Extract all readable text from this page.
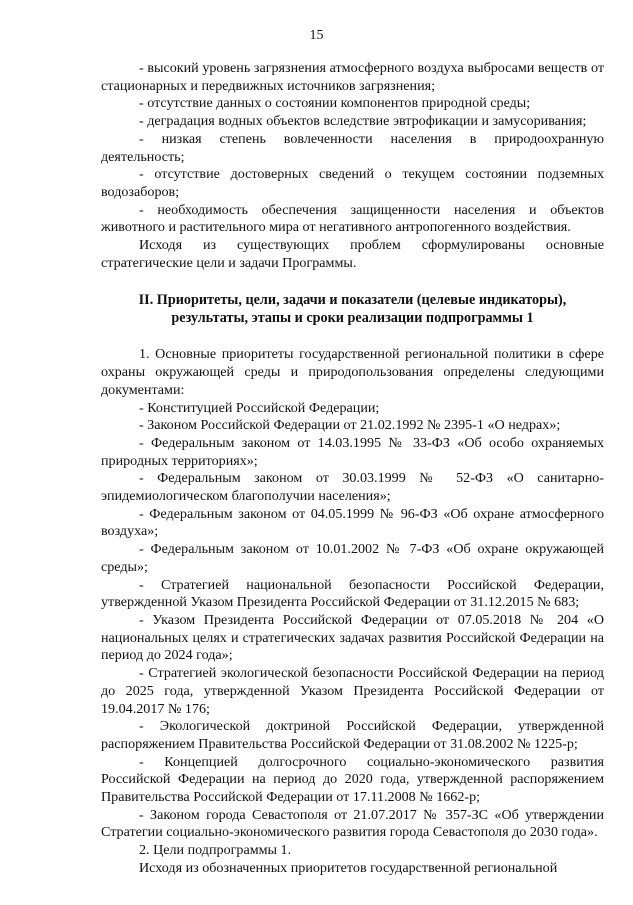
15

- высокий уровень загрязнения атмосферного воздуха выбросами веществ от стационарных и передвижных источников загрязнения;

- отсутствие данных о состоянии компонентов природной среды;

- деградация водных объектов вследствие эвтрофикации и замусоривания;

- низкая степень вовлеченности населения в природоохранную деятельность;

- отсутствие достоверных сведений о текущем состоянии подземных водозаборов;

- необходимость обеспечения защищенности населения и объектов животного и растительного мира от негативного антропогенного воздействия.

Исходя из существующих проблем сформулированы основные стратегические цели и задачи Программы.

II. Приоритеты, цели, задачи и показатели (целевые индикаторы),

результаты, этапы и сроки реализации подпрограммы 1

1. Основные приоритеты государственной региональной политики в сфере охраны окружающей среды и природопользования определены следующими документами:

- Конституцией Российской Федерации;

- Законом Российской Федерации от 21.02.1992 № 2395-1 «О недрах»;

- Федеральным законом от 14.03.1995 № 33-ФЗ «Об особо охраняемых природных территориях»;

- Федеральным законом от 30.03.1999 № 52-ФЗ «О санитарно-эпидемиологическом благополучии населения»;

- Федеральным законом от 04.05.1999 № 96-ФЗ «Об охране атмосферного воздуха»;

- Федеральным законом от 10.01.2002 № 7-ФЗ «Об охране окружающей среды»;

- Стратегией национальной безопасности Российской Федерации, утвержденной Указом Президента Российской Федерации от 31.12.2015 № 683;

- Указом Президента Российской Федерации от 07.05.2018 № 204 «О национальных целях и стратегических задачах развития Российской Федерации на период до 2024 года»;

- Стратегией экологической безопасности Российской Федерации на период до 2025 года, утвержденной Указом Президента Российской Федерации от 19.04.2017 № 176;

- Экологической доктриной Российской Федерации, утвержденной распоряжением Правительства Российской Федерации от 31.08.2002 № 1225-р;

- Концепцией долгосрочного социально-экономического развития Российской Федерации на период до 2020 года, утвержденной распоряжением Правительства Российской Федерации от 17.11.2008 № 1662-р;

- Законом города Севастополя от 21.07.2017 № 357-ЗС «Об утверждении Стратегии социально-экономического развития города Севастополя до 2030 года».

2. Цели подпрограммы 1.

Исходя из обозначенных приоритетов государственной региональной
